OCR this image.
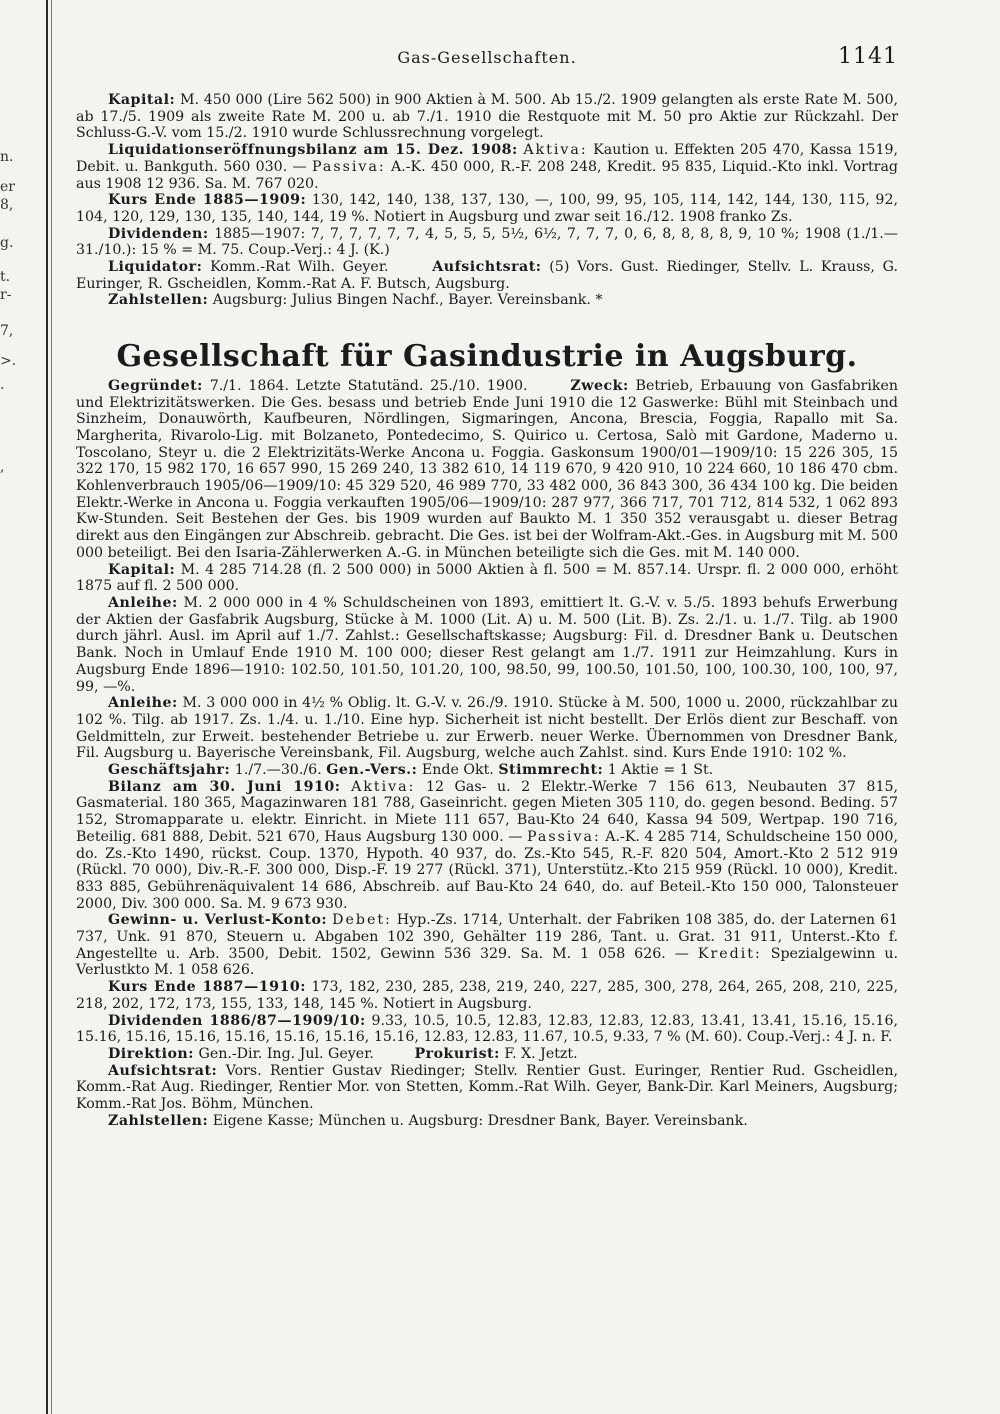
n.
er
8,
g.
t.
r-
7,
>.
.
,
Gas-Gesellschaften.	1141

Kapital: M. 450 000 (Lire 562 500) in 900 Aktien à M. 500. Ab 15./2. 1909 gelangten als erste Rate M. 500, ab 17./5. 1909 als zweite Rate M. 200 u. ab 7./1. 1910 die Restquote mit M. 50 pro Aktie zur Rückzahl. Der Schluss-G.-V. vom 15./2. 1910 wurde Schlussrechnung vorgelegt.

Liquidationseröffnungsbilanz am 15. Dez. 1908: Aktiva: Kaution u. Effekten 205 470, Kassa 1519, Debit. u. Bankguth. 560 030. — Passiva: A.-K. 450 000, R.-F. 208 248, Kredit. 95 835, Liquid.-Kto inkl. Vortrag aus 1908 12 936. Sa. M. 767 020.

Kurs Ende 1885—1909: 130, 142, 140, 138, 137, 130, —, 100, 99, 95, 105, 114, 142, 144, 130, 115, 92, 104, 120, 129, 130, 135, 140, 144, 19 %. Notiert in Augsburg und zwar seit 16./12. 1908 franko Zs.

Dividenden: 1885—1907: 7, 7, 7, 7, 7, 7, 4, 5, 5, 5, 5½, 6½, 7, 7, 7, 0, 6, 8, 8, 8, 8, 9, 10 %; 1908 (1./1.—31./10.): 15 % = M. 75. Coup.-Verj.: 4 J. (K.)

Liquidator: Komm.-Rat Wilh. Geyer.	Aufsichtsrat: (5) Vors. Gust. Riedinger, Stellv. L. Krauss, G. Euringer, R. Gscheidlen, Komm.-Rat A. F. Butsch, Augsburg.

Zahlstellen: Augsburg: Julius Bingen Nachf., Bayer. Vereinsbank. *

Gesellschaft für Gasindustrie in Augsburg.

Gegründet: 7./1. 1864. Letzte Statutänd. 25./10. 1900.	Zweck: Betrieb, Erbauung von Gasfabriken und Elektrizitätswerken. Die Ges. besass und betrieb Ende Juni 1910 die 12 Gaswerke: Bühl mit Steinbach und Sinzheim, Donauwörth, Kaufbeuren, Nördlingen, Sigmaringen, Ancona, Brescia, Foggia, Rapallo mit Sa. Margherita, Rivarolo-Lig. mit Bolzaneto, Pontedecimo, S. Quirico u. Certosa, Salò mit Gardone, Maderno u. Toscolano, Steyr u. die 2 Elektrizitäts-Werke Ancona u. Foggia. Gaskonsum 1900/01—1909/10: 15 226 305, 15 322 170, 15 982 170, 16 657 990, 15 269 240, 13 382 610, 14 119 670, 9 420 910, 10 224 660, 10 186 470 cbm. Kohlenverbrauch 1905/06—1909/10: 45 329 520, 46 989 770, 33 482 000, 36 843 300, 36 434 100 kg. Die beiden Elektr.-Werke in Ancona u. Foggia verkauften 1905/06—1909/10: 287 977, 366 717, 701 712, 814 532, 1 062 893 Kw-Stunden. Seit Bestehen der Ges. bis 1909 wurden auf Baukto M. 1 350 352 verausgabt u. dieser Betrag direkt aus den Eingängen zur Abschreib. gebracht. Die Ges. ist bei der Wolfram-Akt.-Ges. in Augsburg mit M. 500 000 beteiligt. Bei den Isaria-Zählerwerken A.-G. in München beteiligte sich die Ges. mit M. 140 000.

Kapital: M. 4 285 714.28 (fl. 2 500 000) in 5000 Aktien à fl. 500 = M. 857.14. Urspr. fl. 2 000 000, erhöht 1875 auf fl. 2 500 000.

Anleihe: M. 2 000 000 in 4 % Schuldscheinen von 1893, emittiert lt. G.-V. v. 5./5. 1893 behufs Erwerbung der Aktien der Gasfabrik Augsburg, Stücke à M. 1000 (Lit. A) u. M. 500 (Lit. B). Zs. 2./1. u. 1./7. Tilg. ab 1900 durch jährl. Ausl. im April auf 1./7. Zahlst.: Gesellschaftskasse; Augsburg: Fil. d. Dresdner Bank u. Deutschen Bank. Noch in Umlauf Ende 1910 M. 100 000; dieser Rest gelangt am 1./7. 1911 zur Heimzahlung. Kurs in Augsburg Ende 1896—1910: 102.50, 101.50, 101.20, 100, 98.50, 99, 100.50, 101.50, 100, 100.30, 100, 100, 97, 99, —%.

Anleihe: M. 3 000 000 in 4½ % Oblig. lt. G.-V. v. 26./9. 1910. Stücke à M. 500, 1000 u. 2000, rückzahlbar zu 102 %. Tilg. ab 1917. Zs. 1./4. u. 1./10. Eine hyp. Sicherheit ist nicht bestellt. Der Erlös dient zur Beschaff. von Geldmitteln, zur Erweit. bestehender Betriebe u. zur Erwerb. neuer Werke. Übernommen von Dresdner Bank, Fil. Augsburg u. Bayerische Vereinsbank, Fil. Augsburg, welche auch Zahlst. sind. Kurs Ende 1910: 102 %.

Geschäftsjahr: 1./7.—30./6. Gen.-Vers.: Ende Okt. Stimmrecht: 1 Aktie = 1 St.

Bilanz am 30. Juni 1910: Aktiva: 12 Gas- u. 2 Elektr.-Werke 7 156 613, Neubauten 37 815, Gasmaterial. 180 365, Magazinwaren 181 788, Gaseinricht. gegen Mieten 305 110, do. gegen besond. Beding. 57 152, Stromapparate u. elektr. Einricht. in Miete 111 657, Bau-Kto 24 640, Kassa 94 509, Wertpap. 190 716, Beteilig. 681 888, Debit. 521 670, Haus Augsburg 130 000. — Passiva: A.-K. 4 285 714, Schuldscheine 150 000, do. Zs.-Kto 1490, rückst. Coup. 1370, Hypoth. 40 937, do. Zs.-Kto 545, R.-F. 820 504, Amort.-Kto 2 512 919 (Rückl. 70 000), Div.-R.-F. 300 000, Disp.-F. 19 277 (Rückl. 371), Unterstütz.-Kto 215 959 (Rückl. 10 000), Kredit. 833 885, Gebührenäquivalent 14 686, Abschreib. auf Bau-Kto 24 640, do. auf Beteil.-Kto 150 000, Talonsteuer 2000, Div. 300 000. Sa. M. 9 673 930.

Gewinn- u. Verlust-Konto: Debet: Hyp.-Zs. 1714, Unterhalt. der Fabriken 108 385, do. der Laternen 61 737, Unk. 91 870, Steuern u. Abgaben 102 390, Gehälter 119 286, Tant. u. Grat. 31 911, Unterst.-Kto f. Angestellte u. Arb. 3500, Debit. 1502, Gewinn 536 329. Sa. M. 1 058 626. — Kredit: Spezialgewinn u. Verlustkto M. 1 058 626.

Kurs Ende 1887—1910: 173, 182, 230, 285, 238, 219, 240, 227, 285, 300, 278, 264, 265, 208, 210, 225, 218, 202, 172, 173, 155, 133, 148, 145 %. Notiert in Augsburg.

Dividenden 1886/87—1909/10: 9.33, 10.5, 10.5, 12.83, 12.83, 12.83, 12.83, 13.41, 13.41, 15.16, 15.16, 15.16, 15.16, 15.16, 15.16, 15.16, 15.16, 15.16, 12.83, 12.83, 11.67, 10.5, 9.33, 7 % (M. 60). Coup.-Verj.: 4 J. n. F.

Direktion: Gen.-Dir. Ing. Jul. Geyer.	Prokurist: F. X. Jetzt.

Aufsichtsrat: Vors. Rentier Gustav Riedinger; Stellv. Rentier Gust. Euringer, Rentier Rud. Gscheidlen, Komm.-Rat Aug. Riedinger, Rentier Mor. von Stetten, Komm.-Rat Wilh. Geyer, Bank-Dir. Karl Meiners, Augsburg; Komm.-Rat Jos. Böhm, München.

Zahlstellen: Eigene Kasse; München u. Augsburg: Dresdner Bank, Bayer. Vereinsbank.
